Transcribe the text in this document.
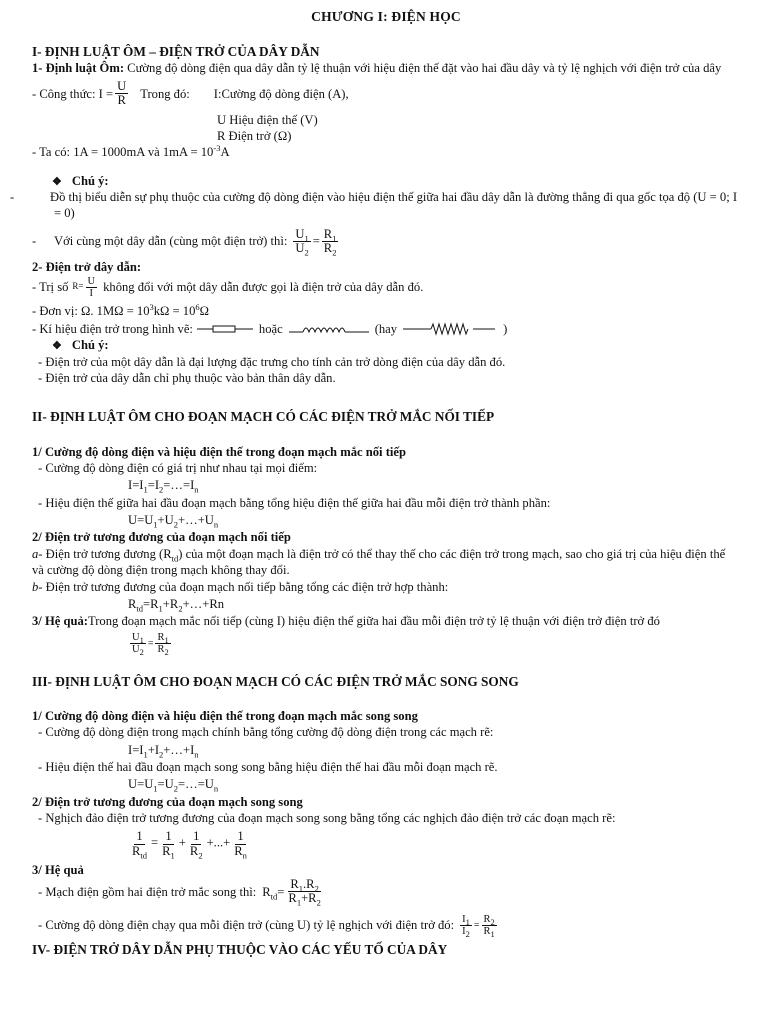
CHƯƠNG I: ĐIỆN HỌC
I- ĐỊNH LUẬT ÔM – ĐIỆN TRỞ CỦA DÂY DẪN
1- Định luật Ôm: Cường độ dòng điện qua dây dẫn tỷ lệ thuận với hiệu điện thế đặt vào hai đầu dây và tỷ lệ nghịch với điện trở của dây
- Công thức: $I = \frac{U}{R}$ Trong đó: I:Cường độ dòng điện (A),
U Hiệu điện thế (V)
R Điện trở (Ω)
- Ta có: 1A = 1000mA và $1mA = 10^{-3}A$
❖ Chú ý:
-	Đồ thị biểu diễn sự phụ thuộc của cường độ dòng điện vào hiệu điện thế giữa hai đầu dây dẫn là đường thẳng đi qua gốc tọa độ (U = 0; I = 0)
-	Với cùng một dây dẫn (cùng một điện trở) thì: $\frac{U_1}{U_2} = \frac{R_1}{R_2}$
2- Điện trở dây dẫn:
- Trị số $R= \frac{U}{I}$ không đổi với một dây dẫn được gọi là điện trở của dây dẫn đó.
- Đơn vị: Ω. $1M\Omega = 10^3k\Omega = 10^6\Omega$
- Kí hiệu điện trở trong hình vẽ:	hoặc	(hay	)
❖ Chú ý:
- Điện trở của một dây dẫn là đại lượng đặc trưng cho tính cản trở dòng điện của dây dẫn đó.
- Điện trở của dây dẫn chỉ phụ thuộc vào bản thân dây dẫn.
II- ĐỊNH LUẬT ÔM CHO ĐOẠN MẠCH CÓ CÁC ĐIỆN TRỞ MẮC NỐI TIẾP
1/ Cường độ dòng điện và hiệu điện thế trong đoạn mạch mắc nối tiếp
- Cường độ dòng điện có giá trị như nhau tại mọi điểm:
$I=I_1=I_2=\dots=I_n$
- Hiệu điện thế giữa hai đầu đoạn mạch bằng tổng hiệu điện thế giữa hai đầu mỗi điện trở thành phần:
$U=U_1+U_2+\dots+U_n$
2/ Điện trở tương đương của đoạn mạch nối tiếp
a- Điện trở tương đương $(R_{td})$ của một đoạn mạch là điện trở có thể thay thế cho các điện trở trong mạch, sao cho giá trị của hiệu điện thế và cường độ dòng điện trong mạch không thay đổi.
b- Điện trở tương đương của đoạn mạch nối tiếp bằng tổng các điện trở hợp thành:
$R_{td}=R_1+R_2+\dots+Rn$
3/ Hệ quả:Trong đoạn mạch mắc nối tiếp (cùng I) hiệu điện thế giữa hai đầu mỗi điện trở tỷ lệ thuận với điện trở điện trở đó
$\frac{U_1}{U_2} = \frac{R_1}{R_2}$
III- ĐỊNH LUẬT ÔM CHO ĐOẠN MẠCH CÓ CÁC ĐIỆN TRỞ MẮC SONG SONG
1/ Cường độ dòng điện và hiệu điện thế trong đoạn mạch mắc song song
- Cường độ dòng điện trong mạch chính bằng tổng cường độ dòng điện trong các mạch rẽ:
$I=I_1+I_2+\dots+I_n$
- Hiệu điện thế hai đầu đoạn mạch song song bằng hiệu điện thế hai đầu mỗi đoạn mạch rẽ.
$U=U_1=U_2=\dots=U_n$
2/ Điện trở tương đương của đoạn mạch song song
- Nghịch đảo điện trở tương đương của đoạn mạch song song bằng tổng các nghịch đảo điện trở các đoạn mạch rẽ:
$\frac{1}{R_{td}} = \frac{1}{R_1} + \frac{1}{R_2}$ +...+ $\frac{1}{R_n}$
3/ Hệ quả
- Mạch điện gồm hai điện trở mắc song thì: $R_{td}= \frac{R_1.R_2}{R_1+R_2}$
- Cường độ dòng điện chạy qua mỗi điện trở (cùng U) tỷ lệ nghịch với điện trở đó: $\frac{I_1}{I_2} = \frac{R_2}{R_1}$
IV- ĐIỆN TRỞ DÂY DẪN PHỤ THUỘC VÀO CÁC YẾU TỐ CỦA DÂY
